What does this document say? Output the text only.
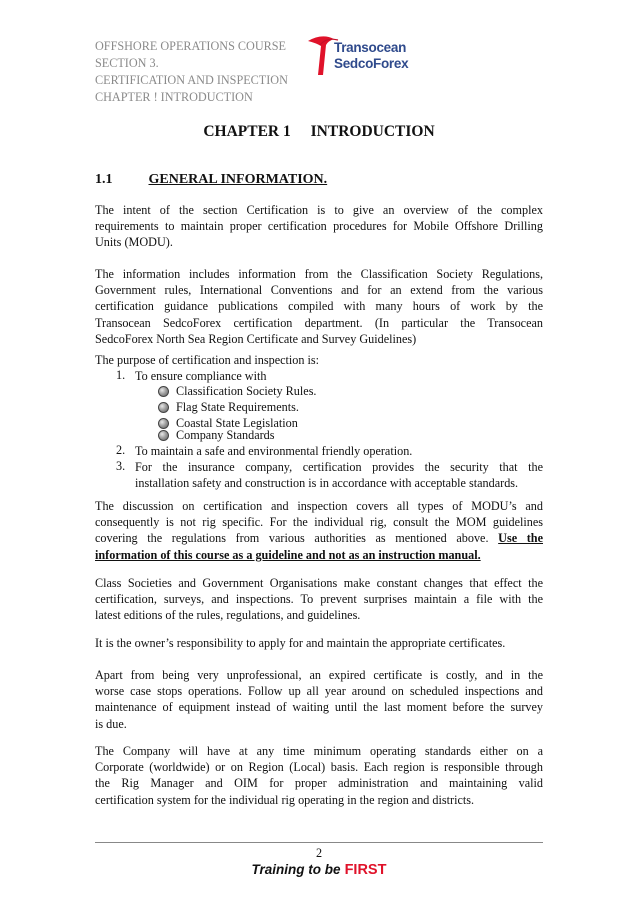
OFFSHORE OPERATIONS COURSE
SECTION 3.
CERTIFICATION AND INSPECTION
CHAPTER ! INTRODUCTION
Transocean
SedcoForex
CHAPTER 1 INTRODUCTION
1.1	GENERAL INFORMATION.
The intent of the section Certification is to give an overview of the complex
requirements to maintain proper certification procedures for Mobile Offshore Drilling
Units (MODU).
The information includes information from the Classification Society Regulations,
Government rules, International Conventions and for an extend from the various
certification guidance publications compiled with many hours of work by the
Transocean SedcoForex certification department. (In particular the Transocean
SedcoForex North Sea Region Certificate and Survey Guidelines)
The purpose of certification and inspection is:
1. To ensure compliance with
Classification Society Rules.
Flag State Requirements.
Coastal State Legislation
Company Standards
2. To maintain a safe and environmental friendly operation.
3. For the insurance company, certification provides the security that the
installation safety and construction is in accordance with acceptable standards.
The discussion on certification and inspection covers all types of MODU’s and
consequently is not rig specific. For the individual rig, consult the MOM guidelines
covering the regulations from various authorities as mentioned above. Use the
information of this course as a guideline and not as an instruction manual.
Class Societies and Government Organisations make constant changes that effect the
certification, surveys, and inspections. To prevent surprises maintain a file with the
latest editions of the rules, regulations, and guidelines.
It is the owner’s responsibility to apply for and maintain the appropriate certificates.
Apart from being very unprofessional, an expired certificate is costly, and in the
worse case stops operations. Follow up all year around on scheduled inspections and
maintenance of equipment instead of waiting until the last moment before the survey
is due.
The Company will have at any time minimum operating standards either on a
Corporate (worldwide) or on Region (Local) basis. Each region is responsible through
the Rig Manager and OIM for proper administration and maintaining valid
certification system for the individual rig operating in the region and districts.
2
Training to be FIRST
